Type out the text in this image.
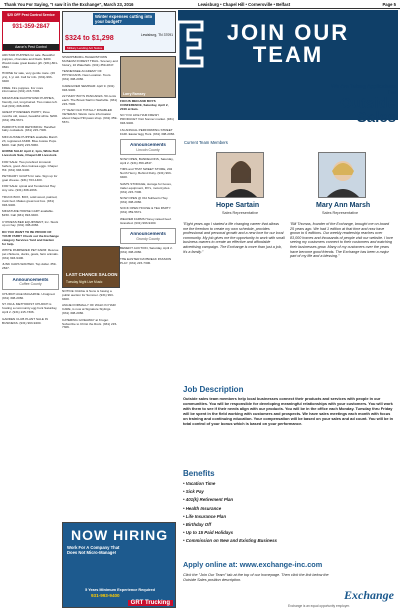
Thank You For Saying, "I saw it in the Exchange", March 23, 2016	Lewisburg • Chapel Hill • Cornersville • Belfast	Page 5
$25 OFF Pest Control Service
931-359-2847
Aaron's Pest Control
Winter expenses cutting into your budget?
$324 to $1,298	Lewisburg, TN 37091
Military Lending Act Notice

ARCTAIR PUPPIES for sale. Beautiful puppies, chocolate and black. $400. Would make great Easter gift. (931)-801-0821

HORSE for sale, very gentle mare. (26 yrs), 1 yr old. Call for info. (931)-993-9400

FREE. Fire puppies. For more information (931) 215-7306.

MINIATURE DACHSHUND PUPPIES, friendly, red, long-haired. Two males left. Call (931) 308-2066.

GREAT PYRENEES PUPPY, three months old, sweet, beautiful white. $200. (931) 359-5671.

PARROTS FOR REHOMING: Handfed baby cockatiels. (931) 215-7306.

MINI AUSSIE PUPPIES available March 23, registered ASDR. Blue Aussie Pups. $400. Call (615) 215-5060.

HORSE SALE! April 2, 1pm, White Bull Livestock Sale, Chapel Hill Livestock.

FOR SALE: Two purebred Limousin heifers, good. Also Guinea eggs. Chapel Hill. (931) 993-9400.

PET/DAIRY GOATS for sale. Sign up for goat cheese. (931) 703-1400.

FOR SALE: spinal and Tenderized Hay. Any size. (931) 308-2066.

TRUCK BOX. BOX, solid wood, painted, truck bed. Makes great tool box. (931) 993-9400.

MINIATURE HORSE CART available. $150. Call (931) 993-9400.

CYPRESS BED EQUIPMENT, Inc. Stock up on hay. (931) 308-2066.

DO YOU WANT TO BE PROUD OF YOUR YARD? Check out the Exchange category Services Yard and Garden for help.

WHITE PAMPERED PET FARM: Rescue pet chickens, ducks, goats, farm animals. (931) 993-9400.

JUNK CARS WANTED. Top dollar. 359-2847.

Announcements
Coffee County

CHURCH AGE MAGAZINE. Unsigned. (931) 308-2066.

ST. PAUL METHODIST CHURCH is hosting a community egg hunt Saturday, April 2. (931) 215-7306.

GARDEN CLUB PLANT SALE IN BUSINESS. (931) 993-9400.

SHARPSBURG-HAGERSTOWN MUSEUM FOREST TRAIL. Scenery and history, 10 Waterfalls. (931) 359-2847.

TENNESSEE ACADEMY OF PHYSICIANS. New Location. Tours. (931) 308-2066.

CAREGIVER SEMINAR: April 9. (931) 993-9400.

22 HAIRY BOYS PANCAKES. 50 cents each. The Brook Stall in Nashville. (931) 215-7306.

77 YEAR OLD TOTALLY DISABLED VETERAN. Wants more information about Chapel Hill pawn shop. (931) 359-5671.

NOTICE: Robbie & Sons is having a public auction for Summer. (931) 993-9400.

ANGIE FORMALLY OF WALK IN HAIR CARE, is now at Signature Stylings. (931) 308-2066.

CATERING GIVEAWAY at Kroger. Subscribe to Christ the Rock. (931) 215-7306.

FOCUS MEN AND BOYS CONFERENCE, Saturday, April 2, 2016 at 9am.

SO YOU LIKE HAM FRESH PRODUCE? Visit Sonner market. (931) 993-9400.

1St ANNUAL PERFORMING STREET FAIR. Easter Egg Hunt. (931) 308-2066.

Announcements
Lincoln County

NOW OPEN, BANDELIONS, Saturday, April 2. (931) 359-2847.

TIMS and THAT SWEET STORE, 204 North Henry, Behind Ruby. (931) 993-9400.

SAM'S STORAGE, storage for boxes, trailer equipment, RV's, motorcycles. (931) 215-7306.

NOW OPEN @ Old Sullivan's Hwy. (931) 308-2066.

SOCK OPEN HOUSE & TEA PARTY. (931) 359-5671.

WEAVER FARMS Honey raised beef. Grassfed. (931) 993-9400.

Announcements
Grundy County

BENEFIT AUCTION, Saturday, April 2. (931) 308-2066.

THE EASTER DAYBREAK PASSION PLAY. (931) 215-7306.

Larry Ramsey
LAST CHANCE SALOON
Tuesday Night Live Music
NOW HIRING
Work For A Company That Does Not Micro-Manage!
5 Years Minimum Experience Required
931-993-9400
GRT Trucking
JOIN OUR TEAM
We Are Taking Applications For
Outside Sales
Current Team Members
Hope Sartain
Sales Representative
Mary Ann Marsh
Sales Representative
"Eight years ago I started a life changing career that allows me the freedom to create my own schedule, provides professional and personal growth and a new love for our local community. My job gives me the opportunity to work with small business owners to create an effective and affordable advertising campaign. The Exchange is more than just a job, it's a family."
"Bill Thomas, founder of the Exchange, brought me on board 25 years ago. We had 1 edition at that time and now have grown to 6 editions. Our weekly readership reaches over 83,000 homes and thousands of people visit our website. I love seeing my customers connect to their customers and watching their businesses grow. Many of my customers over the years have become good friends. The Exchange has been a major part of my life and a blessing."
Job Description
Outside sales team members help local businesses connect their products and services with people in our communities. You will be responsible for developing meaningful relationships with your customers. You will work with them to see if their needs align with our products. You will be in the office each Monday. Tuesday thru Friday will be spent in the field working with customers and prospects. We have sales meetings each month with focus on training and continuing education. Your compensation will be based on your sales and ad count. You will be in total control of your bonus which is based on your performance.
Benefits
• Vacation Time
• Sick Pay
• 401(k) Retirement Plan
• Health Insurance
• Life Insurance Plan
• Birthday Off
• Up to 15 Paid Holidays
• Commission on New and Existing Business
Apply online at: www.exchange-inc.com
Click the "Join Our Team" tab at the top of our homepage. Then click the link below the Outside Sales position description.
Exchange
Exchange is an equal opportunity employer.
